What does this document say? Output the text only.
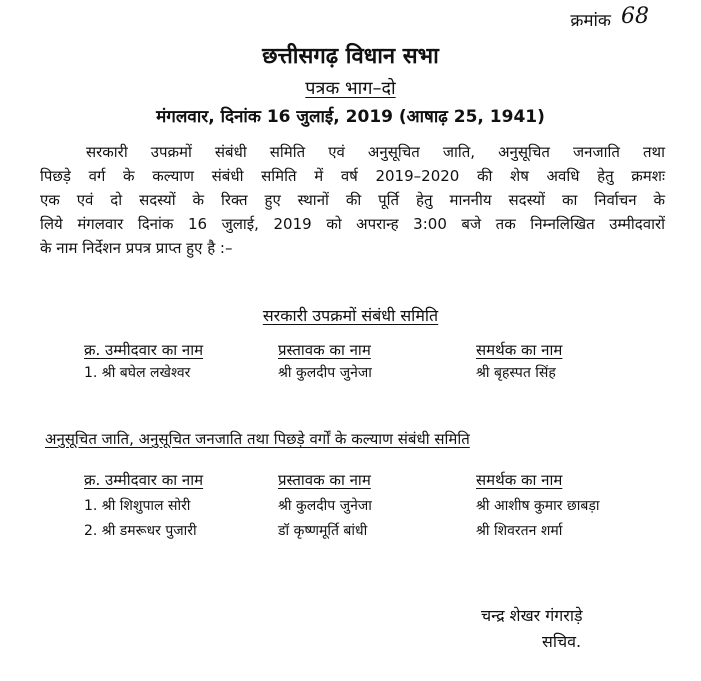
क्रमांक 68
छत्तीसगढ़ विधान सभा
पत्रक भाग–दो
मंगलवार, दिनांक 16 जुलाई, 2019 (आषाढ़ 25, 1941)
सरकारी उपक्रमों संबंधी समिति एवं अनुसूचित जाति, अनुसूचित जनजाति तथा
पिछड़े वर्ग के कल्याण संबंधी समिति में वर्ष 2019–2020 की शेष अवधि हेतु क्रमशः
एक एवं दो सदस्यों के रिक्त हुए स्थानों की पूर्ति हेतु माननीय सदस्यों का निर्वाचन के
लिये मंगलवार दिनांक 16 जुलाई, 2019 को अपरान्ह 3:00 बजे तक निम्नलिखित उम्मीदवारों
के नाम निर्देशन प्रपत्र प्राप्त हुए है :–
सरकारी उपक्रमों संबंधी समिति
क्र. उम्मीदवार का नाम	प्रस्तावक का नाम	समर्थक का नाम
1. श्री बघेल लखेश्वर	श्री कुलदीप जुनेजा	श्री बृहस्पत सिंह
अनुसूचित जाति, अनुसूचित जनजाति तथा पिछड़े वर्गों के कल्याण संबंधी समिति
क्र. उम्मीदवार का नाम	प्रस्तावक का नाम	समर्थक का नाम
1. श्री शिशुपाल सोरी	श्री कुलदीप जुनेजा	श्री आशीष कुमार छाबड़ा
2. श्री डमरूधर पुजारी	डॉ कृष्णमूर्ति बांधी	श्री शिवरतन शर्मा
चन्द्र शेखर गंगराड़े
सचिव.
